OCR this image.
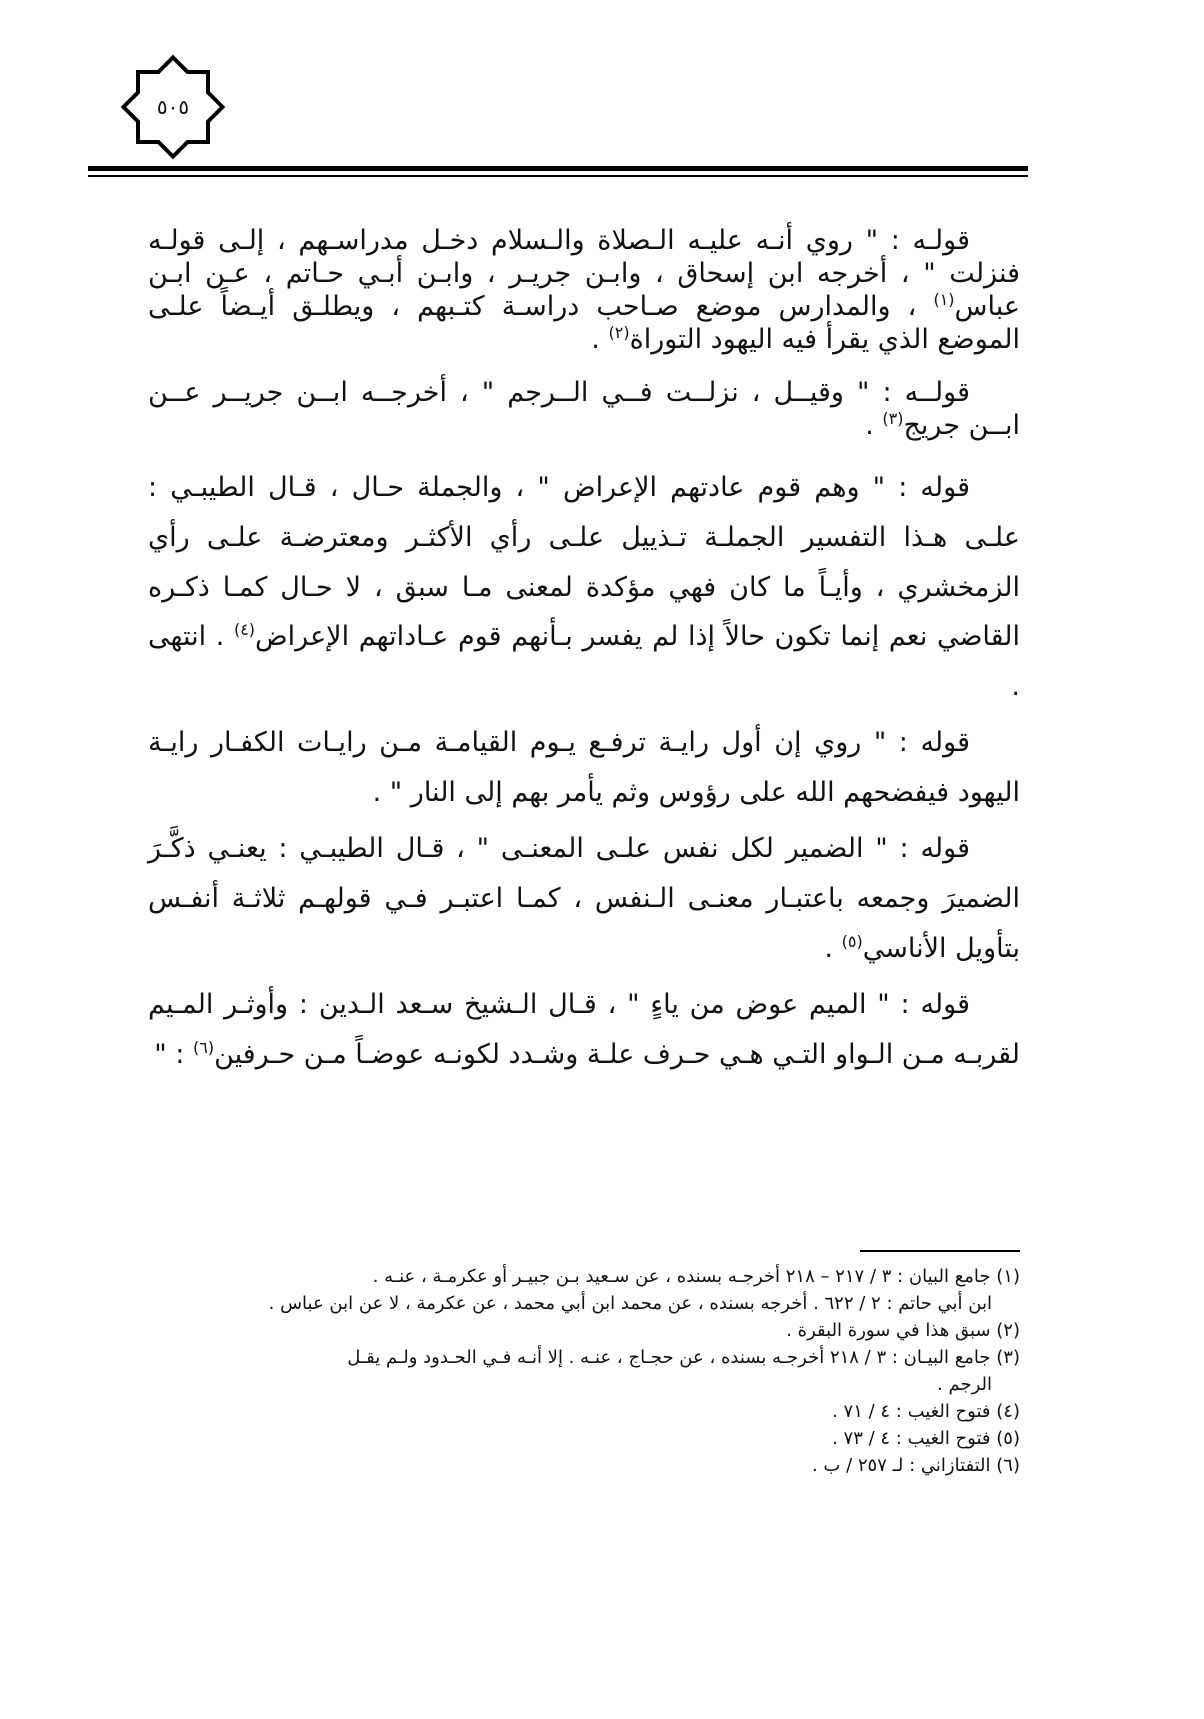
٥٠٥

قولـه : " روي أنـه عليـه الـصلاة والـسلام دخـل مدراسـهم ، إلـى قولـه فنزلت " ، أخرجه ابن إسحاق ، وابـن جريـر ، وابـن أبـي حـاتم ، عـن ابـن عباس$^{(١)}$ ، والمدارس موضع صـاحب دراسـة كتـبهم ، ويطلـق أيـضاً علـى الموضع الذي يقرأ فيه اليهود التوراة$^{(٢)}$ .

قولــه : " وقيــل ، نزلــت فــي الــرجم " ، أخرجــه ابــن جريــر عــن ابــن جريج$^{(٣)}$ .

قوله : " وهم قوم عادتهم الإعراض " ، والجملة حـال ، قـال الطيبـي : علـى هـذا التفسير الجملـة تـذييل علـى رأي الأكثـر ومعترضـة علـى رأي الزمخشري ، وأيـاً ما كان فهي مؤكدة لمعنى مـا سبق ، لا حـال كمـا ذكـره القاضي نعم إنما تكون حالاً إذا لم يفسر بـأنهم قوم عـاداتهم الإعراض$^{(٤)}$ . انتهى .

قوله : " روي إن أول رايـة ترفـع يـوم القيامـة مـن رايـات الكفـار رايـة اليهود فيفضحهم الله على رؤوس وثم يأمر بهم إلى النار " .

قوله : " الضمير لكل نفس علـى المعنـى " ، قـال الطيبـي : يعنـي ذكَّـرَ الضميرَ وجمعه باعتبـار معنـى الـنفس ، كمـا اعتبـر فـي قولهـم ثلاثـة أنفـس بتأويل الأناسي$^{(٥)}$ .

قوله : " الميم عوض من ياءٍ " ، قـال الـشيخ سـعد الـدين : وأوثـر المـيم لقربـه مـن الـواو التـي هـي حـرف علـة وشـدد لكونـه عوضـاً مـن حـرفين$^{(٦)}$ : "

(١) جامع البيان : ٣ / ٢١٧ – ٢١٨ أخرجـه بسنده ، عن سـعيد بـن جبيـر أو عكرمـة ، عنـه .

ابن أبي حاتم : ٢ / ٦٢٢ . أخرجه بسنده ، عن محمد ابن أبي محمد ، عن عكرمة ، لا عن ابن عباس .

(٢) سبق هذا في سورة البقرة .

(٣) جامع البيـان : ٣ / ٢١٨ أخرجـه بسنده ، عن حجـاج ، عنـه . إلا أنـه فـي الحـدود ولـم يقـل

الرجم .

(٤) فتوح الغيب : ٤ / ٧١ .

(٥) فتوح الغيب : ٤ / ٧٣ .

(٦) التفتازاني : لـ ٢٥٧ / ب .
